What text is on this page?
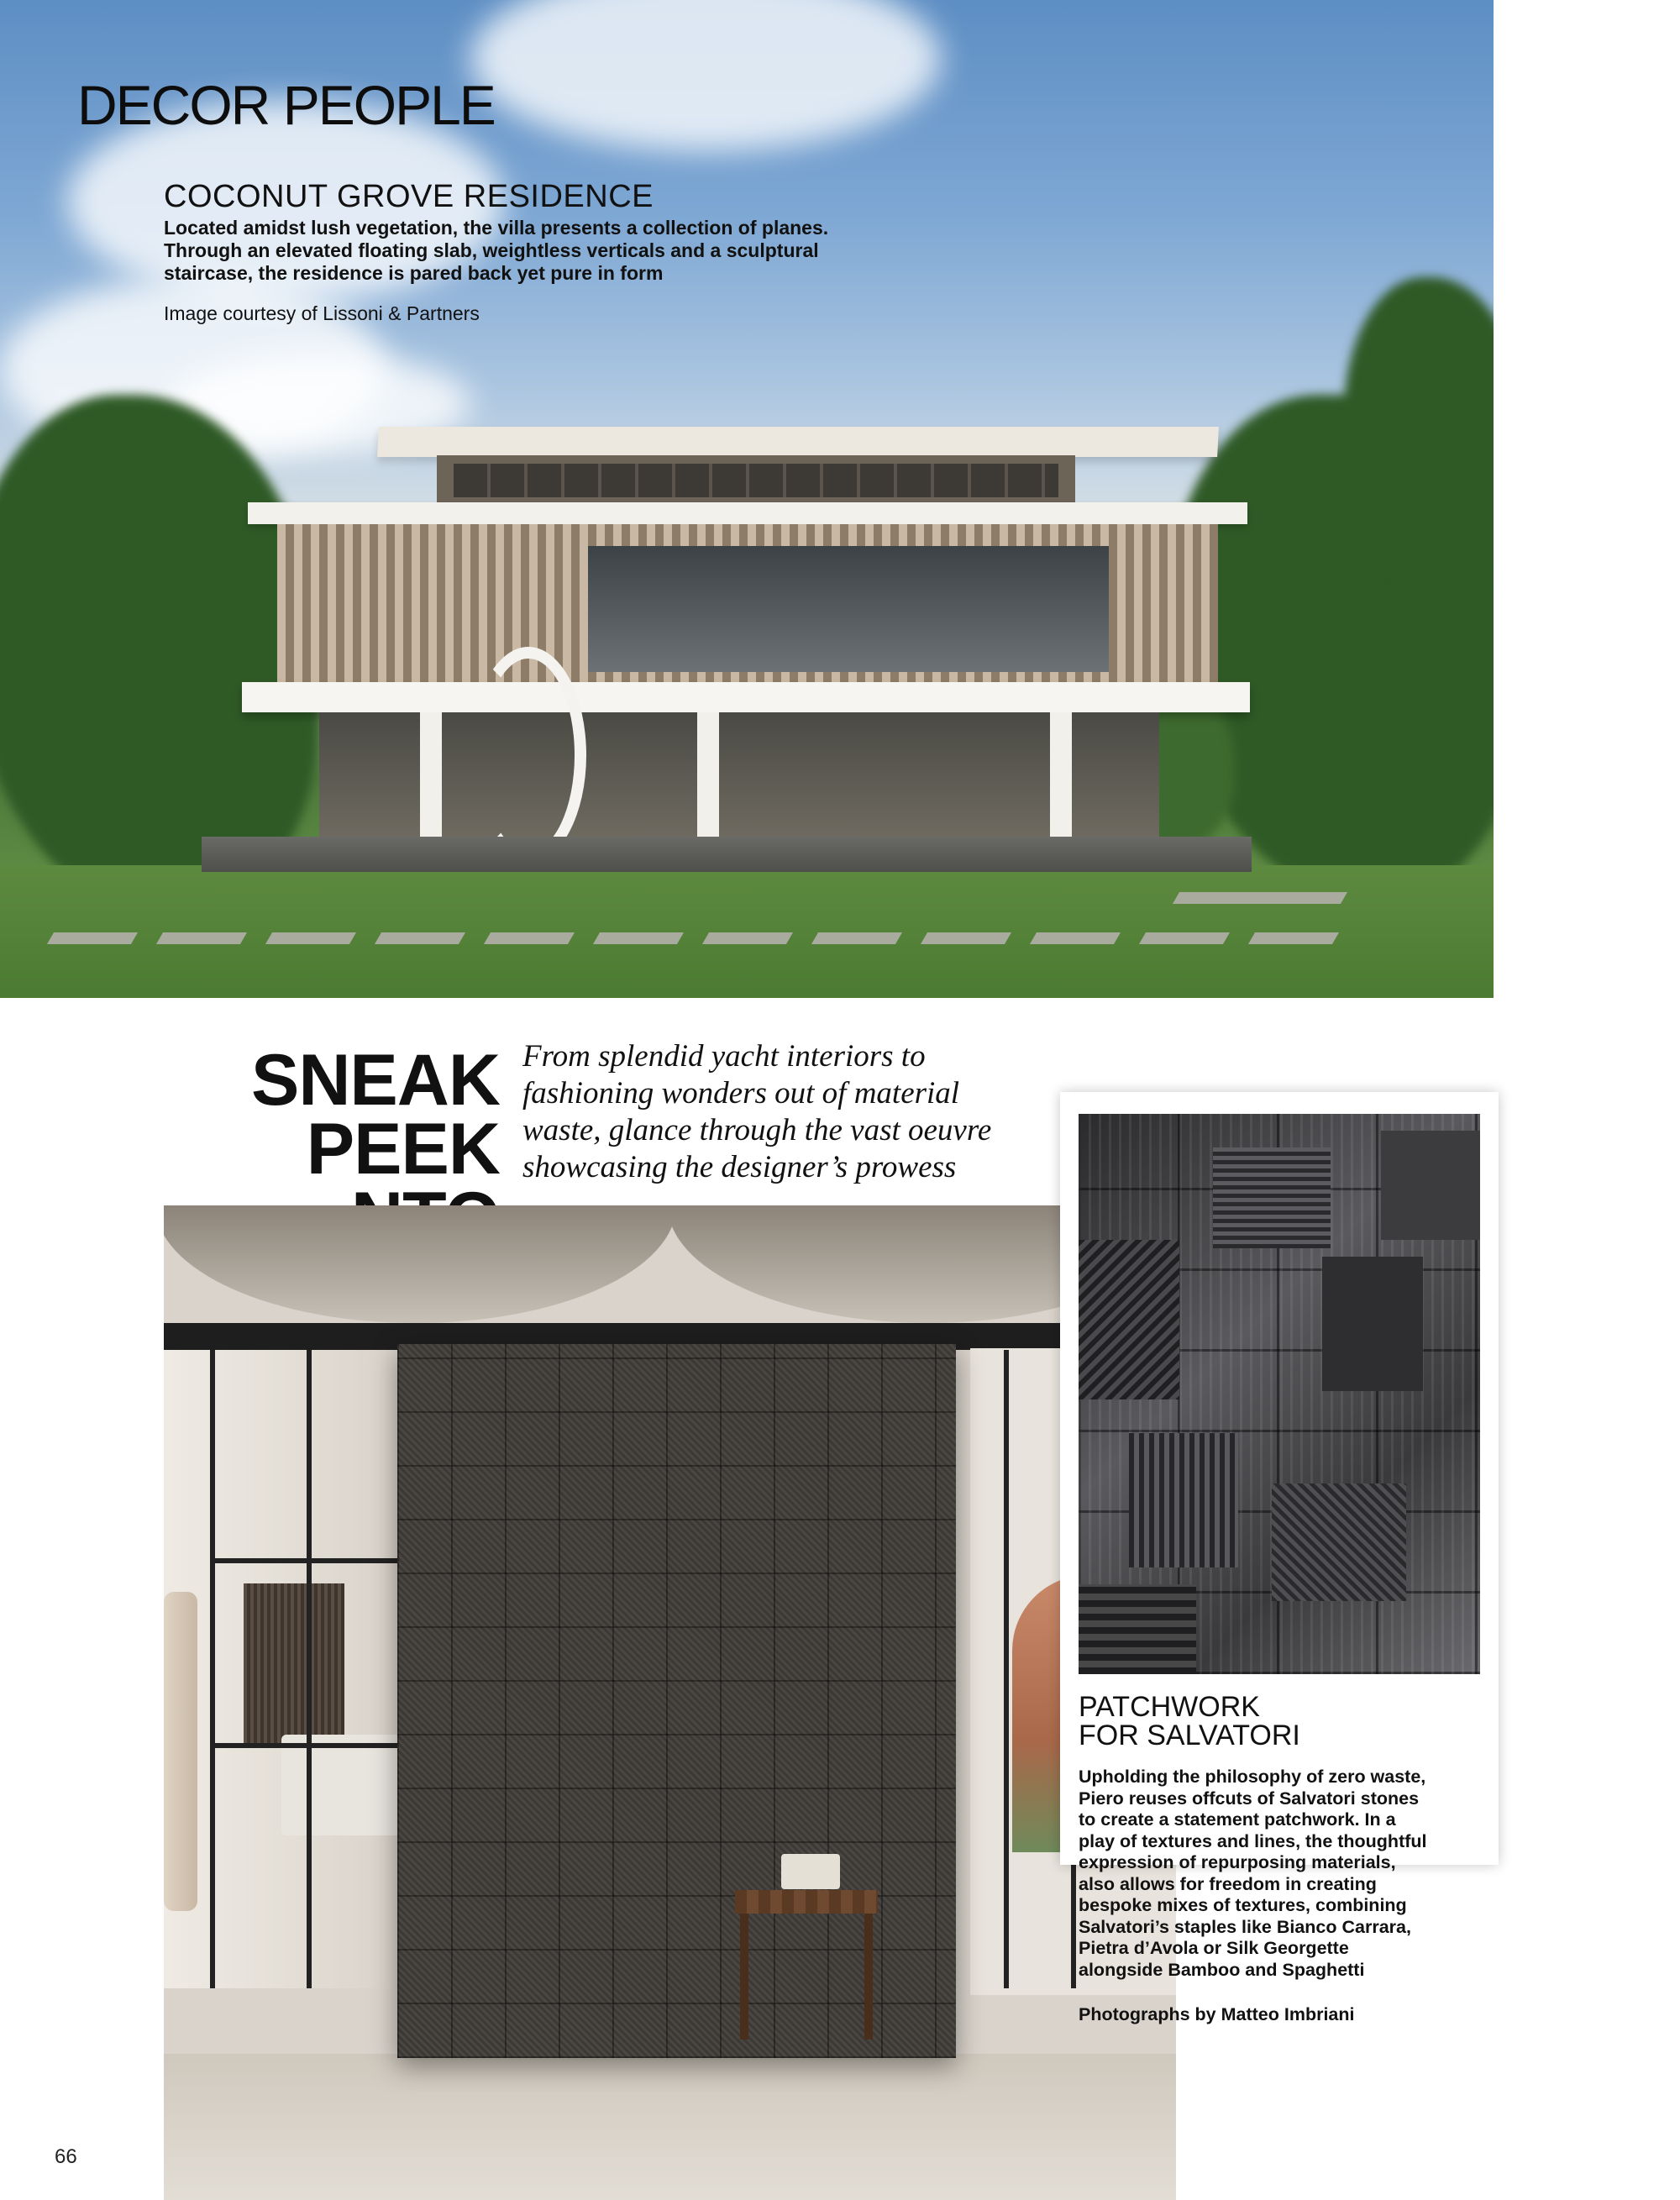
DECOR PEOPLE
COCONUT GROVE RESIDENCE
Located amidst lush vegetation, the villa presents a collection of planes.
Through an elevated floating slab, weightless verticals and a sculptural
staircase, the residence is pared back yet pure in form
Image courtesy of Lissoni & Partners
SNEAK
PEEK
From splendid yacht interiors to
fashioning wonders out of material
waste, glance through the vast oeuvre
showcasing the designer’s prowess
PATCHWORK
FOR SALVATORI
Upholding the philosophy of zero waste,
Piero reuses offcuts of Salvatori stones
to create a statement patchwork. In a
play of textures and lines, the thoughtful
expression of repurposing materials,
also allows for freedom in creating
bespoke mixes of textures, combining
Salvatori’s staples like Bianco Carrara,
Pietra d’Avola or Silk Georgette
alongside Bamboo and Spaghetti
Photographs by Matteo Imbriani
66
